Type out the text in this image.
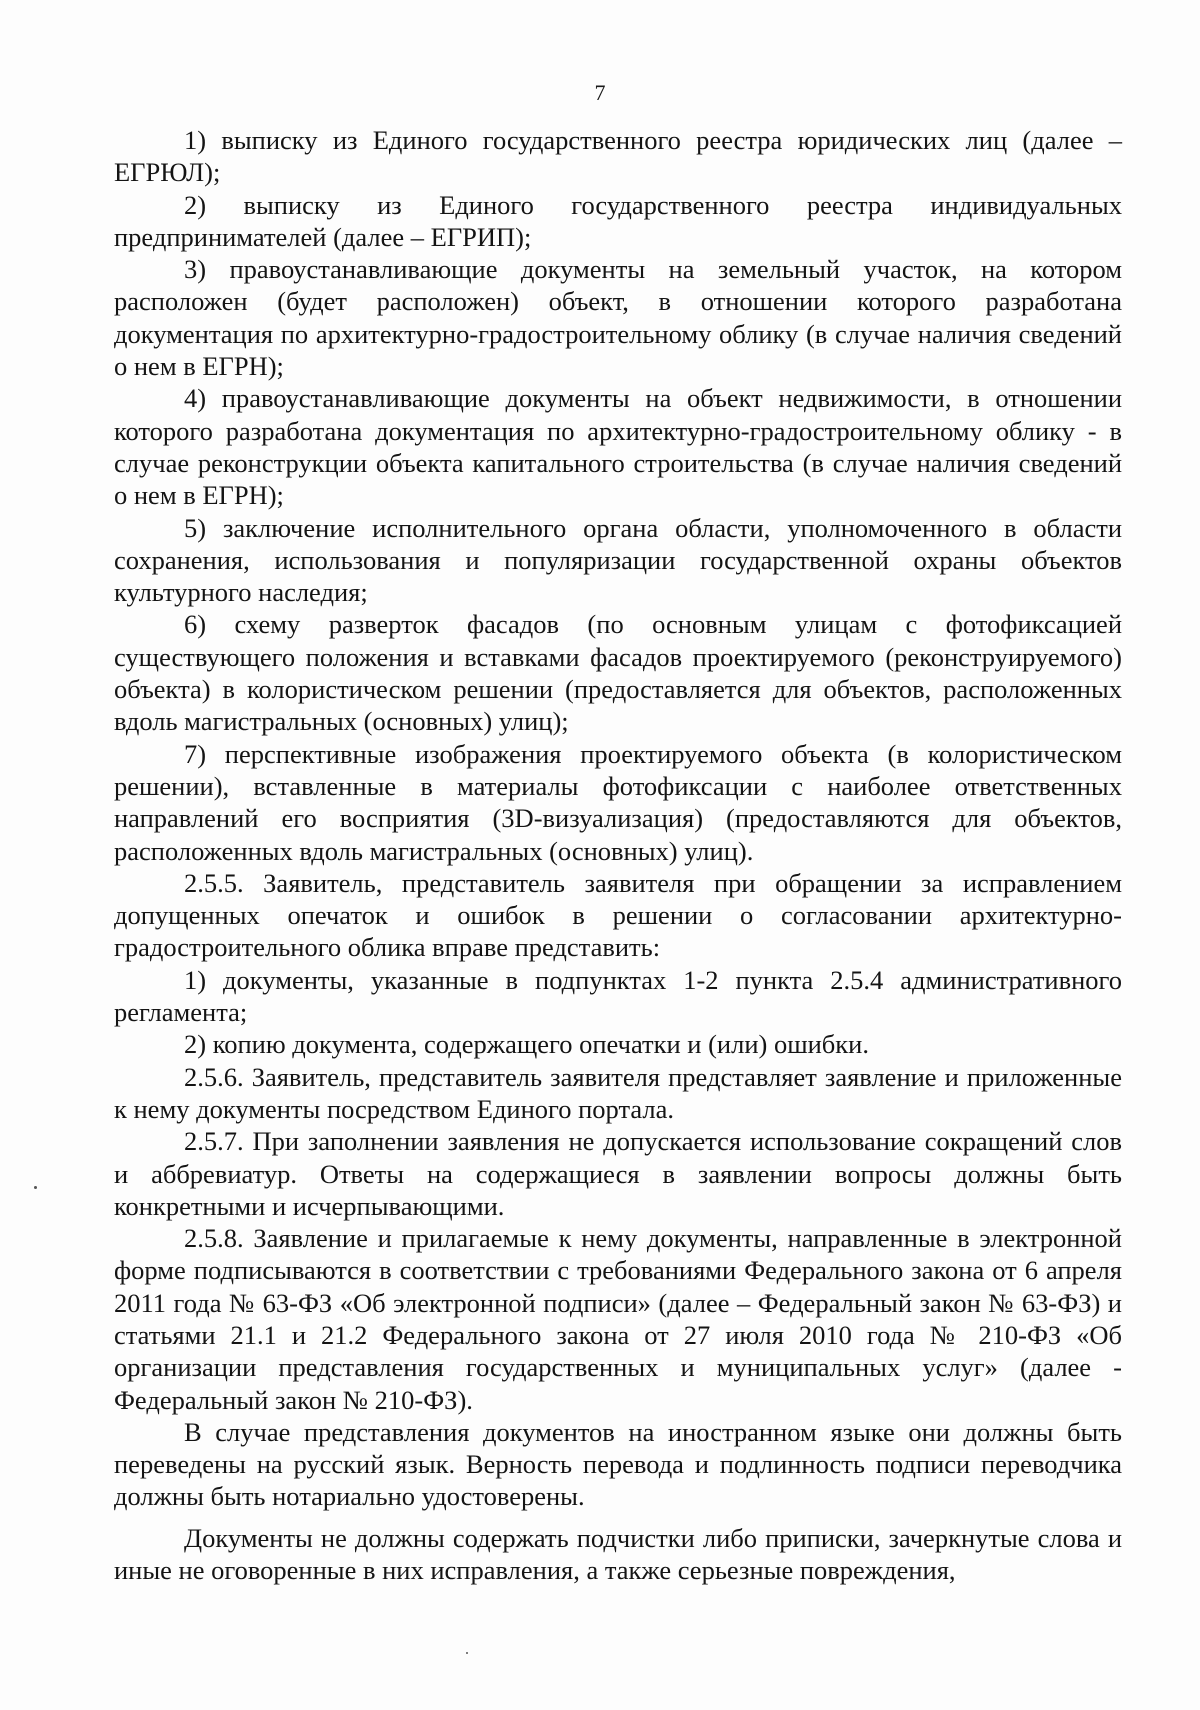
7

1) выписку из Единого государственного реестра юридических лиц (далее – ЕГРЮЛ);

2) выписку из Единого государственного реестра индивидуальных предпринимателей (далее – ЕГРИП);

3) правоустанавливающие документы на земельный участок, на котором расположен (будет расположен) объект, в отношении которого разработана документация по архитектурно-градостроительному облику (в случае наличия сведений о нем в ЕГРН);

4) правоустанавливающие документы на объект недвижимости, в отношении которого разработана документация по архитектурно-градостроительному облику - в случае реконструкции объекта капитального строительства (в случае наличия сведений о нем в ЕГРН);

5) заключение исполнительного органа области, уполномоченного в области сохранения, использования и популяризации государственной охраны объектов культурного наследия;

6) схему разверток фасадов (по основным улицам с фотофиксацией существующего положения и вставками фасадов проектируемого (реконструируемого) объекта) в колористическом решении (предоставляется для объектов, расположенных вдоль магистральных (основных) улиц);

7) перспективные изображения проектируемого объекта (в колористическом решении), вставленные в материалы фотофиксации с наиболее ответственных направлений его восприятия (3D-визуализация) (предоставляются для объектов, расположенных вдоль магистральных (основных) улиц).

2.5.5. Заявитель, представитель заявителя при обращении за исправлением допущенных опечаток и ошибок в решении о согласовании архитектурно-градостроительного облика вправе представить:

1) документы, указанные в подпунктах 1-2 пункта 2.5.4 административного регламента;

2) копию документа, содержащего опечатки и (или) ошибки.

2.5.6. Заявитель, представитель заявителя представляет заявление и приложенные к нему документы посредством Единого портала.

2.5.7. При заполнении заявления не допускается использование сокращений слов и аббревиатур. Ответы на содержащиеся в заявлении вопросы должны быть конкретными и исчерпывающими.

2.5.8. Заявление и прилагаемые к нему документы, направленные в электронной форме подписываются в соответствии с требованиями Федерального закона от 6 апреля 2011 года № 63-ФЗ «Об электронной подписи» (далее – Федеральный закон № 63-ФЗ) и статьями 21.1 и 21.2 Федерального закона от 27 июля 2010 года № 210-ФЗ «Об организации представления государственных и муниципальных услуг» (далее - Федеральный закон № 210-ФЗ).

В случае представления документов на иностранном языке они должны быть переведены на русский язык. Верность перевода и подлинность подписи переводчика должны быть нотариально удостоверены.

Документы не должны содержать подчистки либо приписки, зачеркнутые слова и иные не оговоренные в них исправления, а также серьезные повреждения,
